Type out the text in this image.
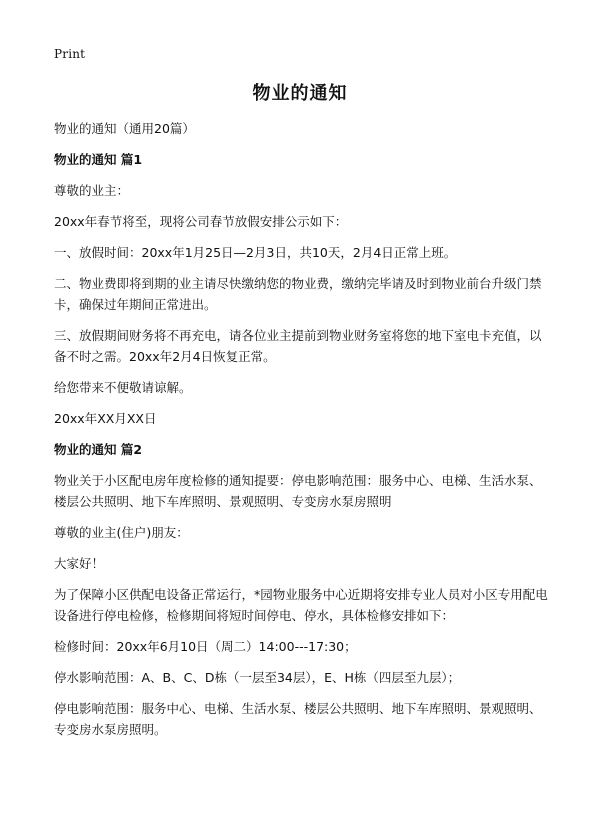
Print
物业的通知

物业的通知（通用20篇）

物业的通知 篇1

尊敬的业主：

20xx年春节将至，现将公司春节放假安排公示如下：

一、放假时间：20xx年1月25日—2月3日，共10天，2月4日正常上班。

二、物业费即将到期的业主请尽快缴纳您的物业费，缴纳完毕请及时到物业前台升级门禁卡，确保过年期间正常进出。

三、放假期间财务将不再充电，请各位业主提前到物业财务室将您的地下室电卡充值，以备不时之需。20xx年2月4日恢复正常。

给您带来不便敬请谅解。

20xx年XX月XX日

物业的通知 篇2

物业关于小区配电房年度检修的通知提要：停电影响范围：服务中心、电梯、生活水泵、楼层公共照明、地下车库照明、景观照明、专变房水泵房照明

尊敬的业主(住户)朋友：

大家好！

为了保障小区供配电设备正常运行，*园物业服务中心近期将安排专业人员对小区专用配电设备进行停电检修，检修期间将短时间停电、停水，具体检修安排如下：

检修时间：20xx年6月10日（周二）14:00---17:30；

停水影响范围：A、B、C、D栋（一层至34层），E、H栋（四层至九层）；

停电影响范围：服务中心、电梯、生活水泵、楼层公共照明、地下车库照明、景观照明、专变房水泵房照明。
